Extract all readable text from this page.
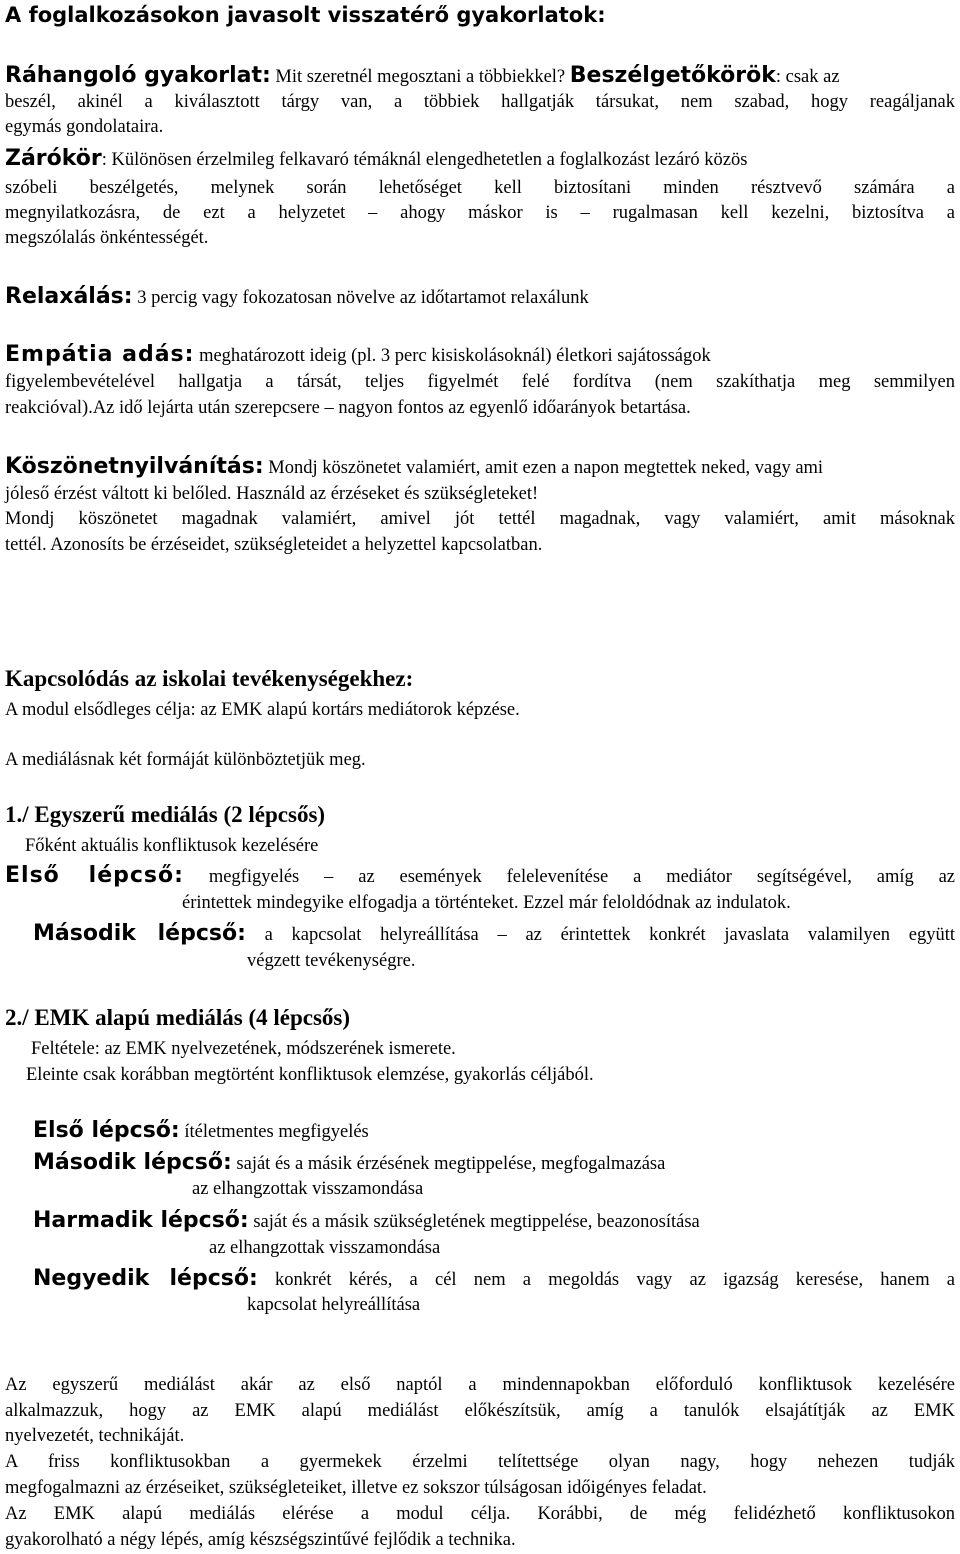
A foglalkozásokon javasolt visszatérő gyakorlatok:
Ráhangoló gyakorlat: Mit szeretnél megosztani a többiekkel? Beszélgetőkörök: csak az
beszél, akinél a kiválasztott tárgy van, a többiek hallgatják társukat, nem szabad, hogy reagáljanak
egymás gondolataira.
Zárókör: Különösen érzelmileg felkavaró témáknál elengedhetetlen a foglalkozást lezáró közös
szóbeli beszélgetés, melynek során lehetőséget kell biztosítani minden résztvevő számára a
megnyilatkozásra, de ezt a helyzetet – ahogy máskor is – rugalmasan kell kezelni, biztosítva a
megszólalás önkéntességét.
Relaxálás: 3 percig vagy fokozatosan növelve az időtartamot relaxálunk
Empátia adás: meghatározott ideig (pl. 3 perc kisiskolásoknál) életkori sajátosságok
figyelembevételével hallgatja a társát, teljes figyelmét felé fordítva (nem szakíthatja meg semmilyen
reakcióval).Az idő lejárta után szerepcsere – nagyon fontos az egyenlő időarányok betartása.
Köszönetnyilvánítás: Mondj köszönetet valamiért, amit ezen a napon megtettek neked, vagy ami
jóleső érzést váltott ki belőled. Használd az érzéseket és szükségleteket!
Mondj köszönetet magadnak valamiért, amivel jót tettél magadnak, vagy valamiért, amit másoknak
tettél. Azonosíts be érzéseidet, szükségleteidet a helyzettel kapcsolatban.
Kapcsolódás az iskolai tevékenységekhez:
A modul elsődleges célja: az EMK alapú kortárs mediátorok képzése.
A mediálásnak két formáját különböztetjük meg.
1./ Egyszerű mediálás (2 lépcsős)
Főként aktuális konfliktusok kezelésére
Első lépcső: megfigyelés – az események felelevenítése a mediátor segítségével, amíg az
érintettek mindegyike elfogadja a történteket. Ezzel már feloldódnak az indulatok.
Második lépcső: a kapcsolat helyreállítása – az érintettek konkrét javaslata valamilyen együtt
végzett tevékenységre.
2./ EMK alapú mediálás (4 lépcsős)
Feltétele: az EMK nyelvezetének, módszerének ismerete.
Eleinte csak korábban megtörtént konfliktusok elemzése, gyakorlás céljából.
Első lépcső: ítéletmentes megfigyelés
Második lépcső: saját és a másik érzésének megtippelése, megfogalmazása
az elhangzottak visszamondása
Harmadik lépcső: saját és a másik szükségletének megtippelése, beazonosítása
az elhangzottak visszamondása
Negyedik lépcső: konkrét kérés, a cél nem a megoldás vagy az igazság keresése, hanem a
kapcsolat helyreállítása
Az egyszerű mediálást akár az első naptól a mindennapokban előforduló konfliktusok kezelésére
alkalmazzuk, hogy az EMK alapú mediálást előkészítsük, amíg a tanulók elsajátítják az EMK
nyelvezetét, technikáját.
A friss konfliktusokban a gyermekek érzelmi telítettsége olyan nagy, hogy nehezen tudják
megfogalmazni az érzéseiket, szükségleteiket, illetve ez sokszor túlságosan időigényes feladat.
Az EMK alapú mediálás elérése a modul célja. Korábbi, de még felidézhető konfliktusokon
gyakorolható a négy lépés, amíg készségszintűvé fejlődik a technika.
